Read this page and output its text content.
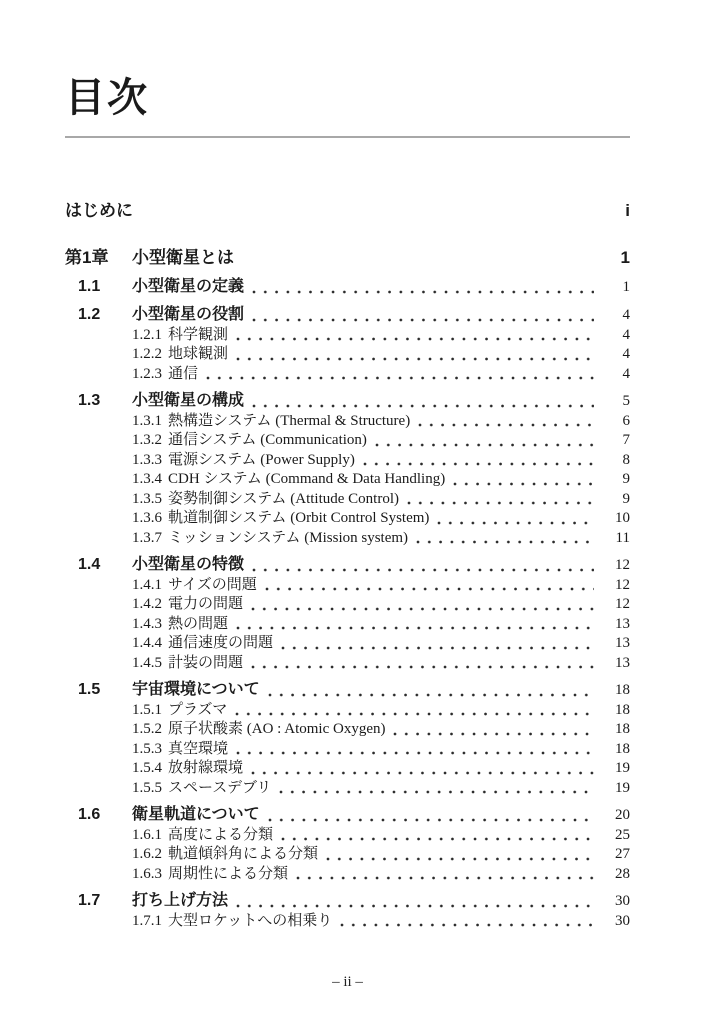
目次
はじめに	i
第1章	小型衛星とは	1
1.1	小型衛星の定義	1
1.2	小型衛星の役割	4
1.2.1 科学観測	4
1.2.2 地球観測	4
1.2.3 通信	4
1.3	小型衛星の構成	5
1.3.1 熱構造システム (Thermal & Structure)	6
1.3.2 通信システム (Communication)	7
1.3.3 電源システム (Power Supply)	8
1.3.4 CDH システム (Command & Data Handling)	9
1.3.5 姿勢制御システム (Attitude Control)	9
1.3.6 軌道制御システム (Orbit Control System)	10
1.3.7 ミッションシステム (Mission system)	11
1.4	小型衛星の特徴	12
1.4.1 サイズの問題	12
1.4.2 電力の問題	12
1.4.3 熱の問題	13
1.4.4 通信速度の問題	13
1.4.5 計装の問題	13
1.5	宇宙環境について	18
1.5.1 プラズマ	18
1.5.2 原子状酸素 (AO : Atomic Oxygen)	18
1.5.3 真空環境	18
1.5.4 放射線環境	19
1.5.5 スペースデブリ	19
1.6	衛星軌道について	20
1.6.1 高度による分類	25
1.6.2 軌道傾斜角による分類	27
1.6.3 周期性による分類	28
1.7	打ち上げ方法	30
1.7.1 大型ロケットへの相乗り	30
– ii –
